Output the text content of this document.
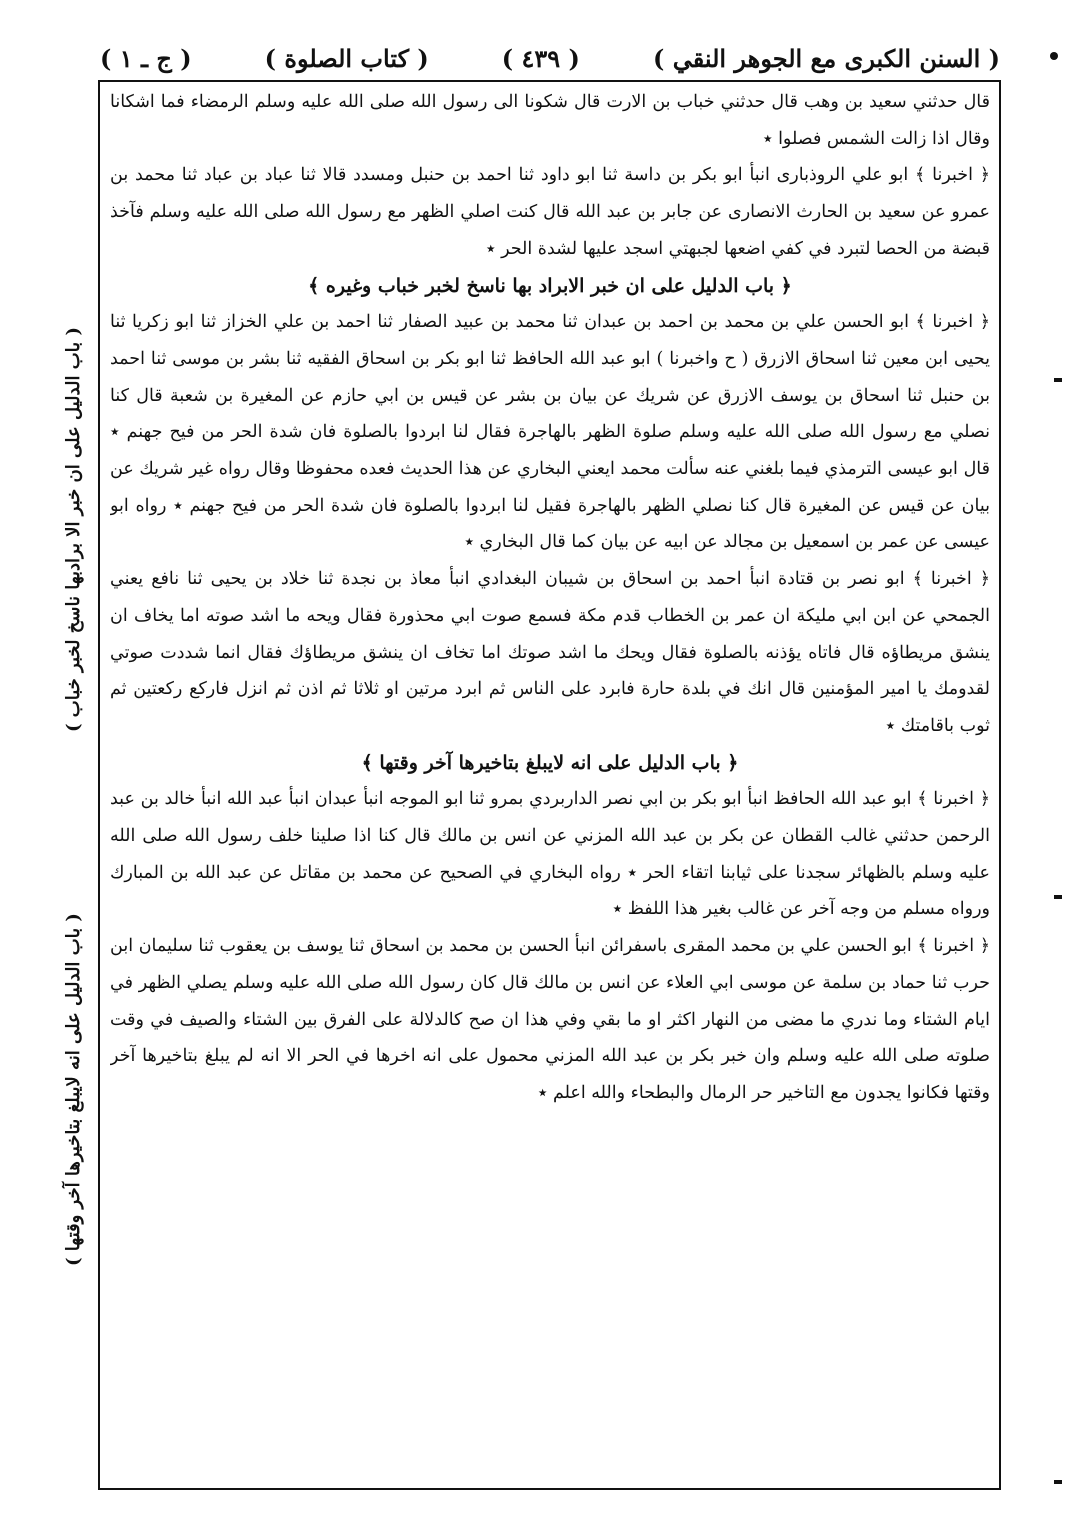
( السنن الكبرى مع الجوهر النقي )
( ٤٣٩ )
( كتاب الصلوة )
( ج ـ ١ )

قال حدثني سعيد بن وهب قال حدثني خباب بن الارت قال شكونا الى رسول الله صلى الله عليه وسلم الرمضاء فما اشكانا وقال اذا زالت الشمس فصلوا ٭

﴿ اخبرنا ﴾ ابو علي الروذبارى انبأ ابو بكر بن داسة ثنا ابو داود ثنا احمد بن حنبل ومسدد قالا ثنا عباد بن عباد ثنا محمد بن عمرو عن سعيد بن الحارث الانصارى عن جابر بن عبد الله قال كنت اصلي الظهر مع رسول الله صلى الله عليه وسلم فآخذ قبضة من الحصا لتبرد في كفي اضعها لجبهتي اسجد عليها لشدة الحر ٭

﴿ باب الدليل على ان خبر الابراد بها ناسخ لخبر خباب وغيره ﴾

﴿ اخبرنا ﴾ ابو الحسن علي بن محمد بن احمد بن عبدان ثنا محمد بن عبيد الصفار ثنا احمد بن علي الخزاز ثنا ابو زكريا ثنا يحيى ابن معين ثنا اسحاق الازرق ( ح واخبرنا ) ابو عبد الله الحافظ ثنا ابو بكر بن اسحاق الفقيه ثنا بشر بن موسى ثنا احمد بن حنبل ثنا اسحاق بن يوسف الازرق عن شريك عن بيان بن بشر عن قيس بن ابي حازم عن المغيرة بن شعبة قال كنا نصلي مع رسول الله صلى الله عليه وسلم صلوة الظهر بالهاجرة فقال لنا ابردوا بالصلوة فان شدة الحر من فيح جهنم ٭ قال ابو عيسى الترمذي فيما بلغني عنه سألت محمد ايعني البخاري عن هذا الحديث فعده محفوظا وقال رواه غير شريك عن بيان عن قيس عن المغيرة قال كنا نصلي الظهر بالهاجرة فقيل لنا ابردوا بالصلوة فان شدة الحر من فيح جهنم ٭ رواه ابو عيسى عن عمر بن اسمعيل بن مجالد عن ابيه عن بيان كما قال البخاري ٭

﴿ اخبرنا ﴾ ابو نصر بن قتادة انبأ احمد بن اسحاق بن شيبان البغدادي انبأ معاذ بن نجدة ثنا خلاد بن يحيى ثنا نافع يعني الجمحي عن ابن ابي مليكة ان عمر بن الخطاب قدم مكة فسمع صوت ابي محذورة فقال ويحه ما اشد صوته اما يخاف ان ينشق مريطاؤه قال فاتاه يؤذنه بالصلوة فقال ويحك ما اشد صوتك اما تخاف ان ينشق مريطاؤك فقال انما شددت صوتي لقدومك يا امير المؤمنين قال انك في بلدة حارة فابرد على الناس ثم ابرد مرتين او ثلاثا ثم اذن ثم انزل فاركع ركعتين ثم ثوب باقامتك ٭

﴿ باب الدليل على انه لايبلغ بتاخيرها آخر وقتها ﴾

﴿ اخبرنا ﴾ ابو عبد الله الحافظ انبأ ابو بكر بن ابي نصر الداربردي بمرو ثنا ابو الموجه انبأ عبدان انبأ عبد الله انبأ خالد بن عبد الرحمن حدثني غالب القطان عن بكر بن عبد الله المزني عن انس بن مالك قال كنا اذا صلينا خلف رسول الله صلى الله عليه وسلم بالظهائر سجدنا على ثيابنا اتقاء الحر ٭ رواه البخاري في الصحيح عن محمد بن مقاتل عن عبد الله بن المبارك ورواه مسلم من وجه آخر عن غالب بغير هذا اللفظ ٭

﴿ اخبرنا ﴾ ابو الحسن علي بن محمد المقرى باسفرائن انبأ الحسن بن محمد بن اسحاق ثنا يوسف بن يعقوب ثنا سليمان ابن حرب ثنا حماد بن سلمة عن موسى ابي العلاء عن انس بن مالك قال كان رسول الله صلى الله عليه وسلم يصلي الظهر في ايام الشتاء وما ندري ما مضى من النهار اكثر او ما بقي وفي هذا ان صح كالدلالة على الفرق بين الشتاء والصيف في وقت صلوته صلى الله عليه وسلم وان خبر بكر بن عبد الله المزني محمول على انه اخرها في الحر الا انه لم يبلغ بتاخيرها آخر وقتها فكانوا يجدون مع التاخير حر الرمال والبطحاء والله اعلم ٭

( باب الدليل على ان خبر الا برادبها ناسخ لخبر خباب )
( باب الدليل على انه لايبلغ بتاخيرها آخر وقتها )
